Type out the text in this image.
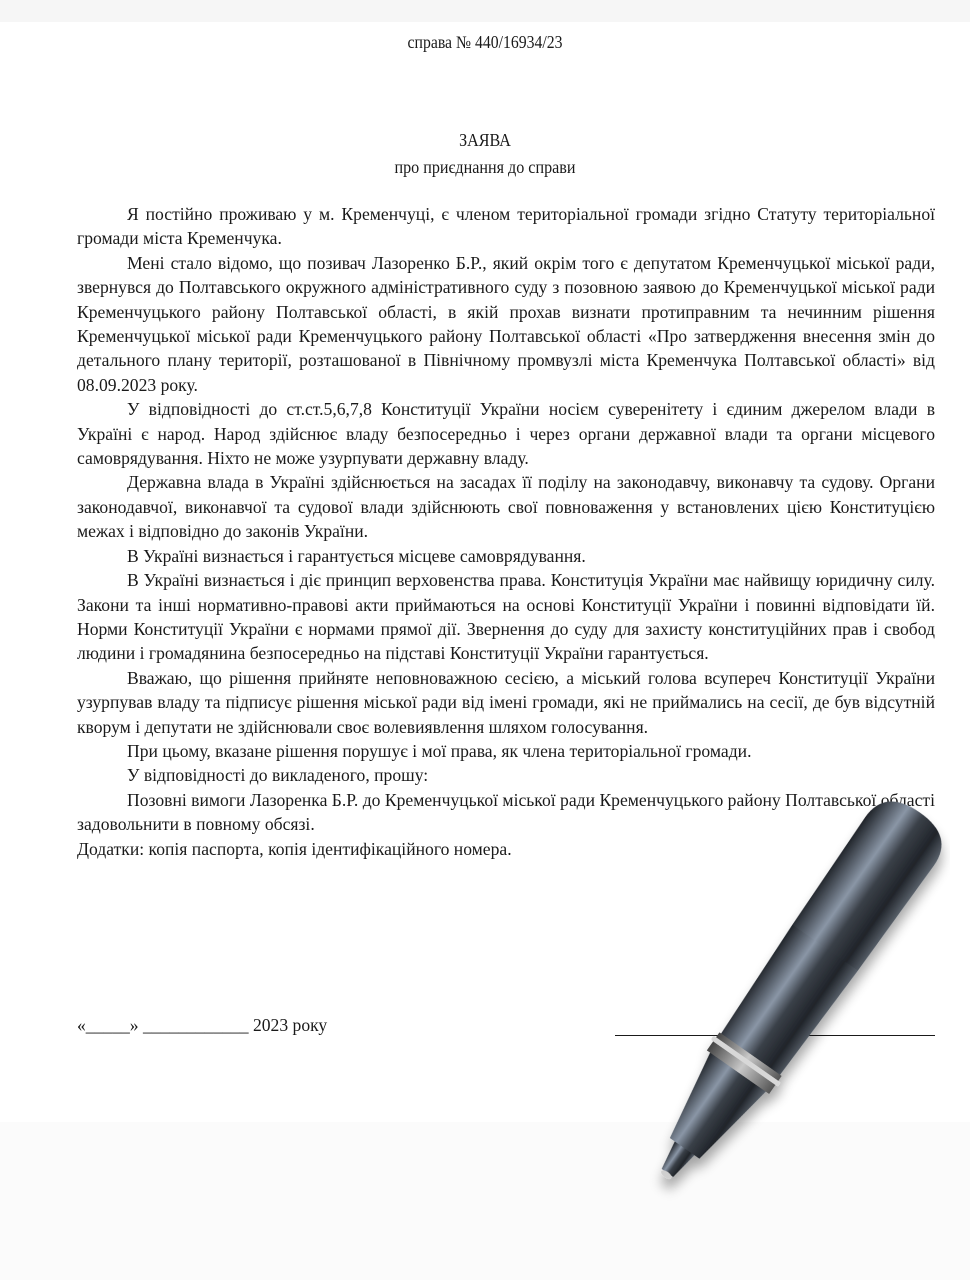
справа № 440/16934/23
ЗАЯВА
про приєднання до справи

Я постійно проживаю у м. Кременчуці, є членом територіальної громади згідно Статуту територіальної громади міста Кременчука.

Мені стало відомо, що позивач Лазоренко Б.Р., який окрім того є депутатом Кременчуцької міської ради, звернувся до Полтавського окружного адміністративного суду з позовною заявою до Кременчуцької міської ради Кременчуцького району Полтавської області, в якій прохав визнати протиправним та нечинним рішення Кременчуцької міської ради Кременчуцького району Полтавської області «Про затвердження внесення змін до детального плану території, розташованої в Північному промвузлі міста Кременчука Полтавської області» від 08.09.2023 року.

У відповідності до ст.ст.5,6,7,8 Конституції України носієм суверенітету і єдиним джерелом влади в Україні є народ. Народ здійснює владу безпосередньо і через органи державної влади та органи місцевого самоврядування. Ніхто не може узурпувати державну владу.

Державна влада в Україні здійснюється на засадах її поділу на законодавчу, виконавчу та судову. Органи законодавчої, виконавчої та судової влади здійснюють свої повноваження у встановлених цією Конституцією межах і відповідно до законів України.

В Україні визнається і гарантується місцеве самоврядування.

В Україні визнається і діє принцип верховенства права. Конституція України має найвищу юридичну силу. Закони та інші нормативно-правові акти приймаються на основі Конституції України і повинні відповідати їй. Норми Конституції України є нормами прямої дії. Звернення до суду для захисту конституційних прав і свобод людини і громадянина безпосередньо на підставі Конституції України гарантується.

Вважаю, що рішення прийняте неповноважною сесією, а міський голова всупереч Конституції України узурпував владу та підписує рішення міської ради від імені громади, які не приймались на сесії, де був відсутній кворум і депутати не здійснювали своє волевиявлення шляхом голосування.

При цьому, вказане рішення порушує і мої права, як члена територіальної громади.

У відповідності до викладеного, прошу:

Позовні вимоги Лазоренка Б.Р. до Кременчуцької міської ради Кременчуцького району Полтавської області задовольнити в повному обсязі.

Додатки: копія паспорта, копія ідентифікаційного номера.

«_____» ____________ 2023 року
